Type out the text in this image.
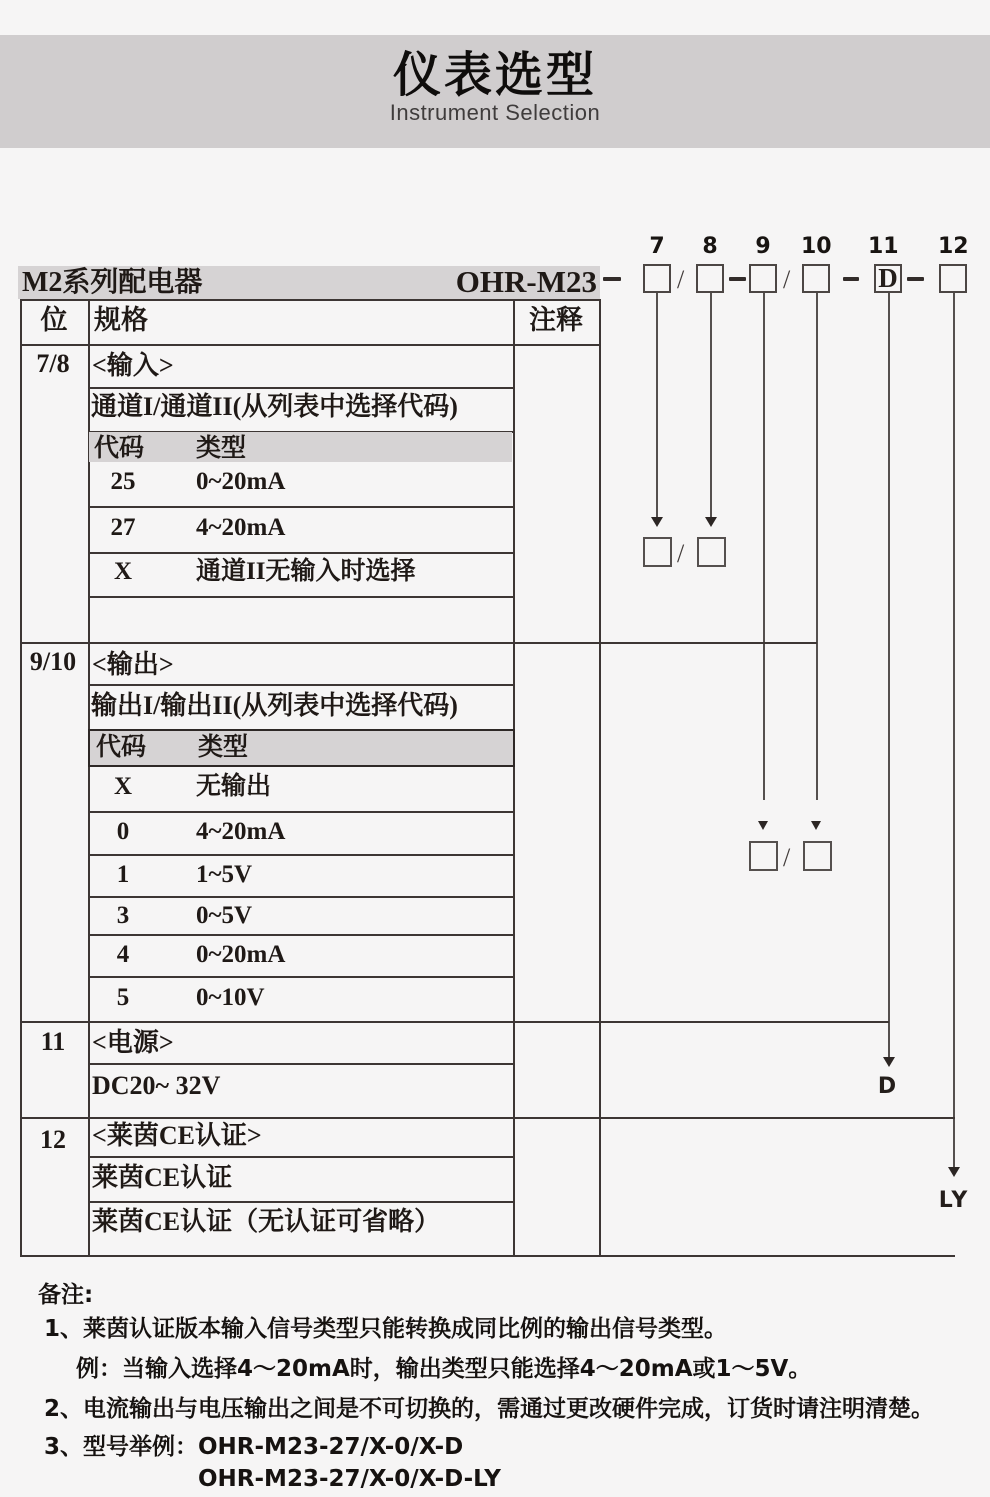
仪表选型
Instrument Selection
M2系列配电器	OHR-M23
7	8	9	10 11 12
/	/	D
/
/
D
LY
位 规格	注释
7/8 <输入>
通道I/通道II(从列表中选择代码)
代码 类型
25	0~20mA
27	4~20mA
X	通道II无输入时选择
9/10 <输出>
输出I/输出II(从列表中选择代码)
代码 类型
X	无输出
0	4~20mA
1	1~5V
3	0~5V
4	0~20mA
5	0~10V
11	<电源>
DC20~ 32V
12	<莱茵CE认证>
莱茵CE认证
莱茵CE认证（无认证可省略）
备注:
1、莱茵认证版本输入信号类型只能转换成同比例的输出信号类型。
例：当输入选择4～20mA时，输出类型只能选择4～20mA或1～5V。
2、电流输出与电压输出之间是不可切换的，需通过更改硬件完成，订货时请注明清楚。
3、型号举例：OHR-M23-27/X-0/X-D
OHR-M23-27/X-0/X-D-LY
